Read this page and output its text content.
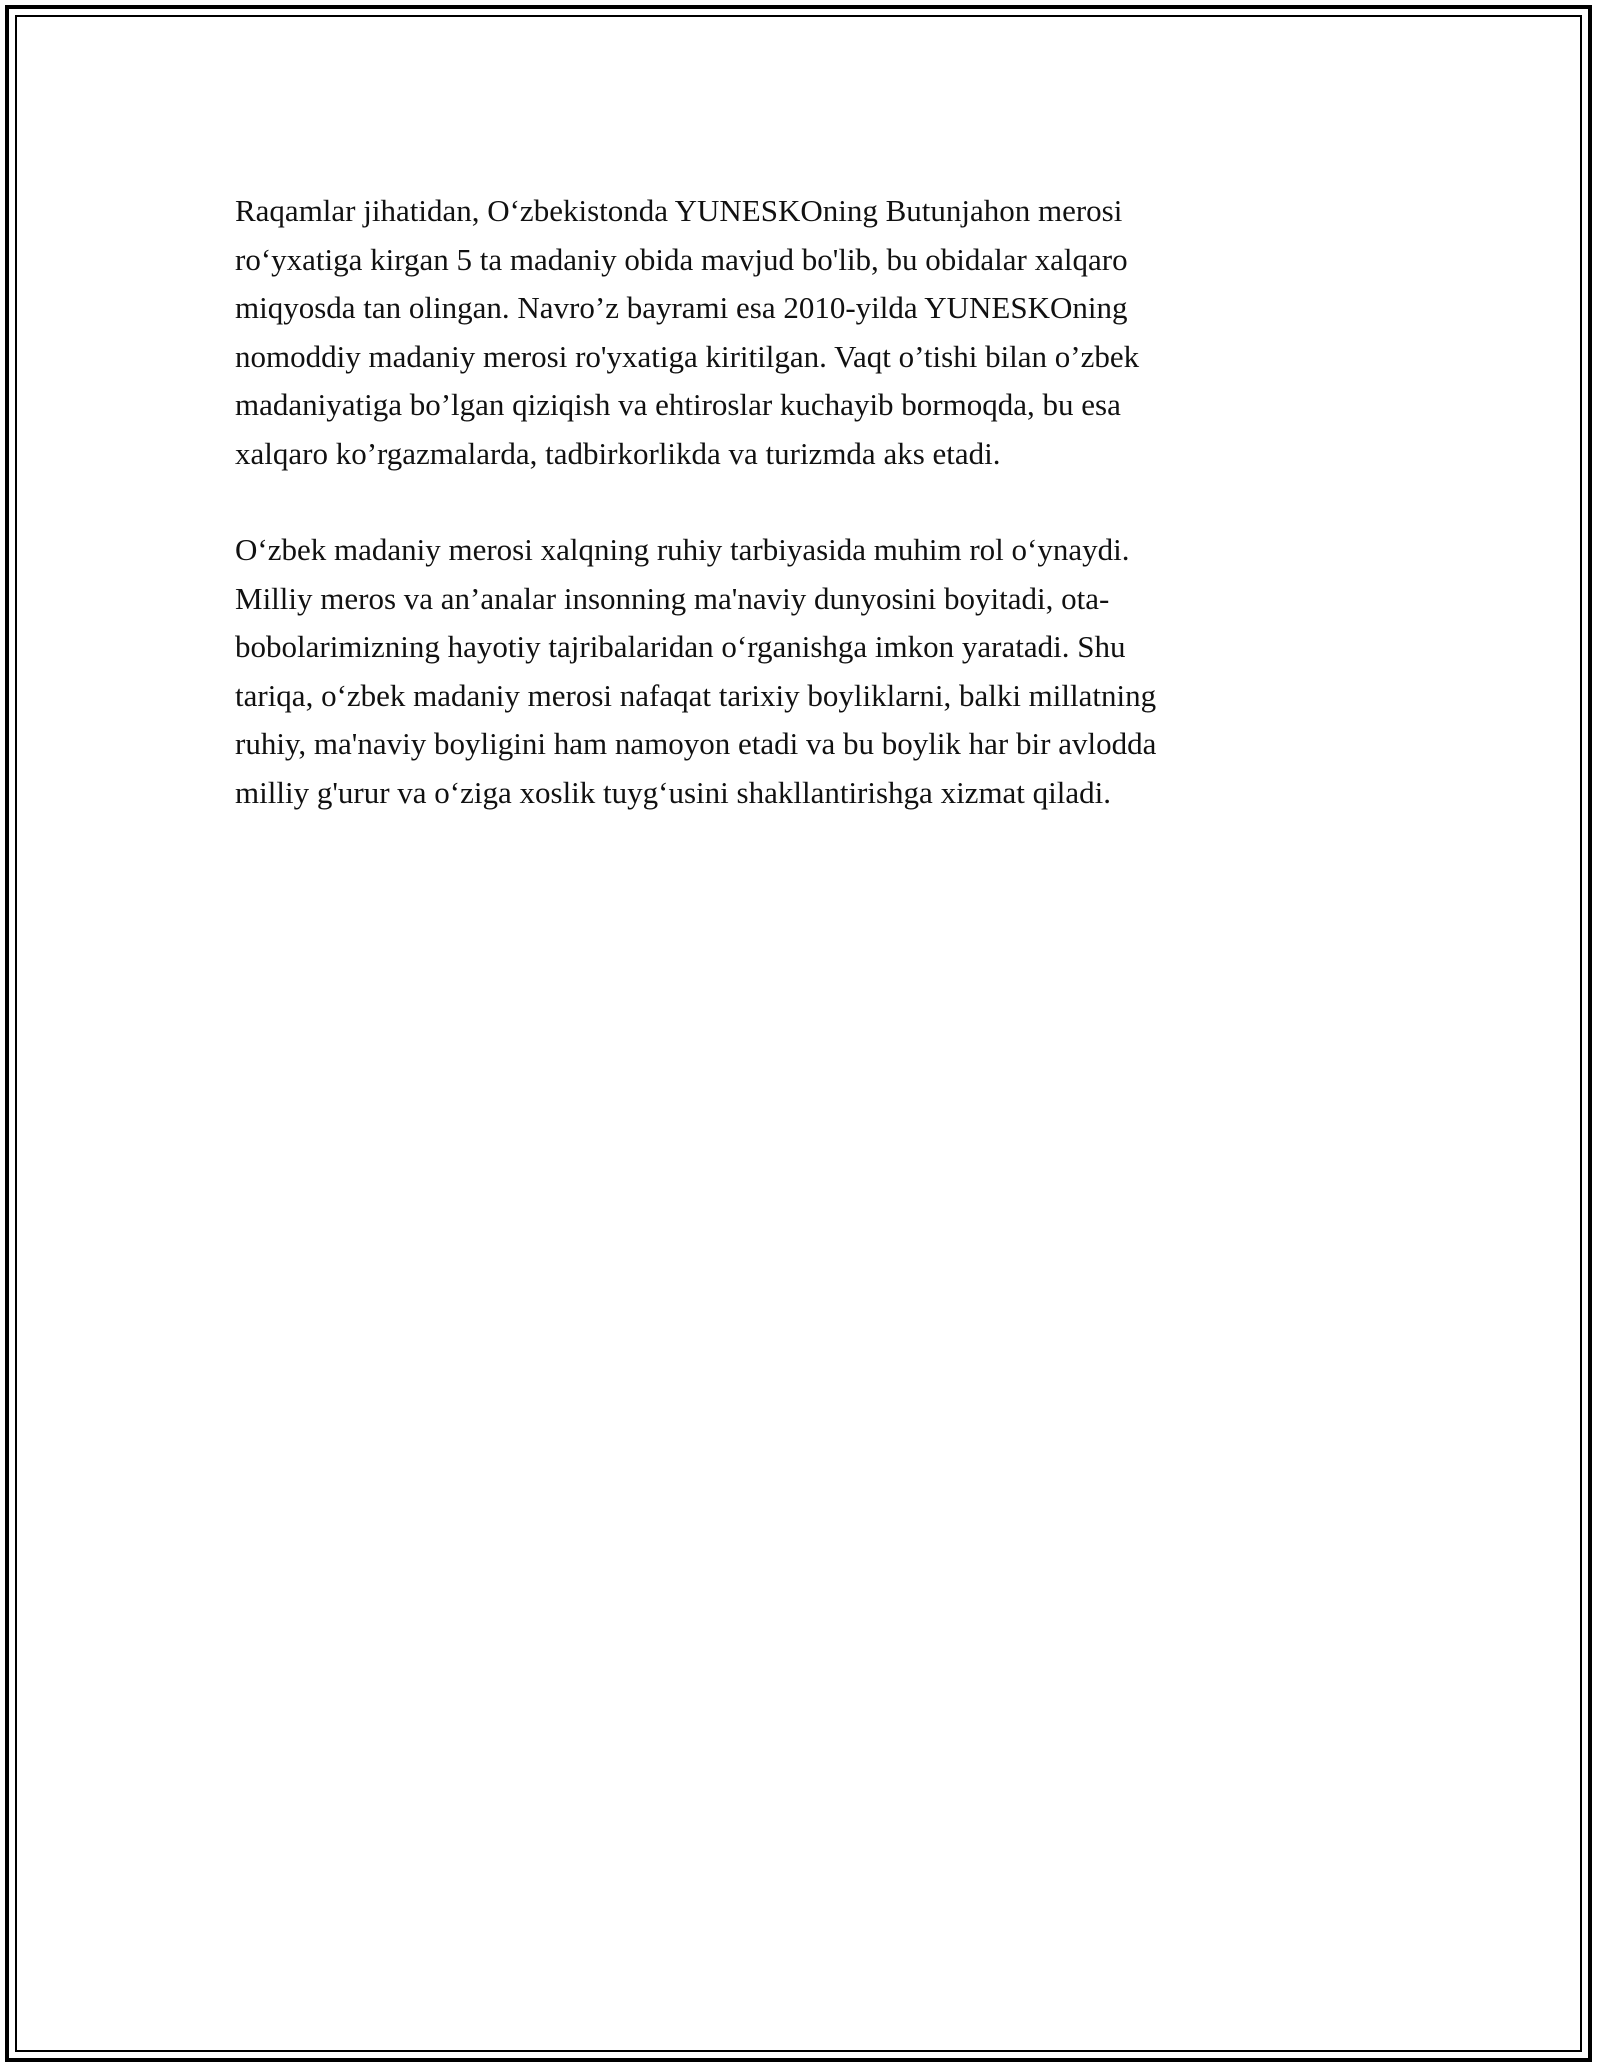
Raqamlar jihatidan, O‘zbekistonda YUNESKOning Butunjahon merosi
ro‘yxatiga kirgan 5 ta madaniy obida mavjud bo'lib, bu obidalar xalqaro
miqyosda tan olingan. Navro’z bayrami esa 2010-yilda YUNESKOning
nomoddiy madaniy merosi ro'yxatiga kiritilgan. Vaqt o’tishi bilan o’zbek
madaniyatiga bo’lgan qiziqish va ehtiroslar kuchayib bormoqda, bu esa
xalqaro ko’rgazmalarda, tadbirkorlikda va turizmda aks etadi.

O‘zbek madaniy merosi xalqning ruhiy tarbiyasida muhim rol o‘ynaydi.
Milliy meros va an’analar insonning ma'naviy dunyosini boyitadi, ota-
bobolarimizning hayotiy tajribalaridan o‘rganishga imkon yaratadi. Shu
tariqa, o‘zbek madaniy merosi nafaqat tarixiy boyliklarni, balki millatning
ruhiy, ma'naviy boyligini ham namoyon etadi va bu boylik har bir avlodda
milliy g'urur va o‘ziga xoslik tuyg‘usini shakllantirishga xizmat qiladi.
